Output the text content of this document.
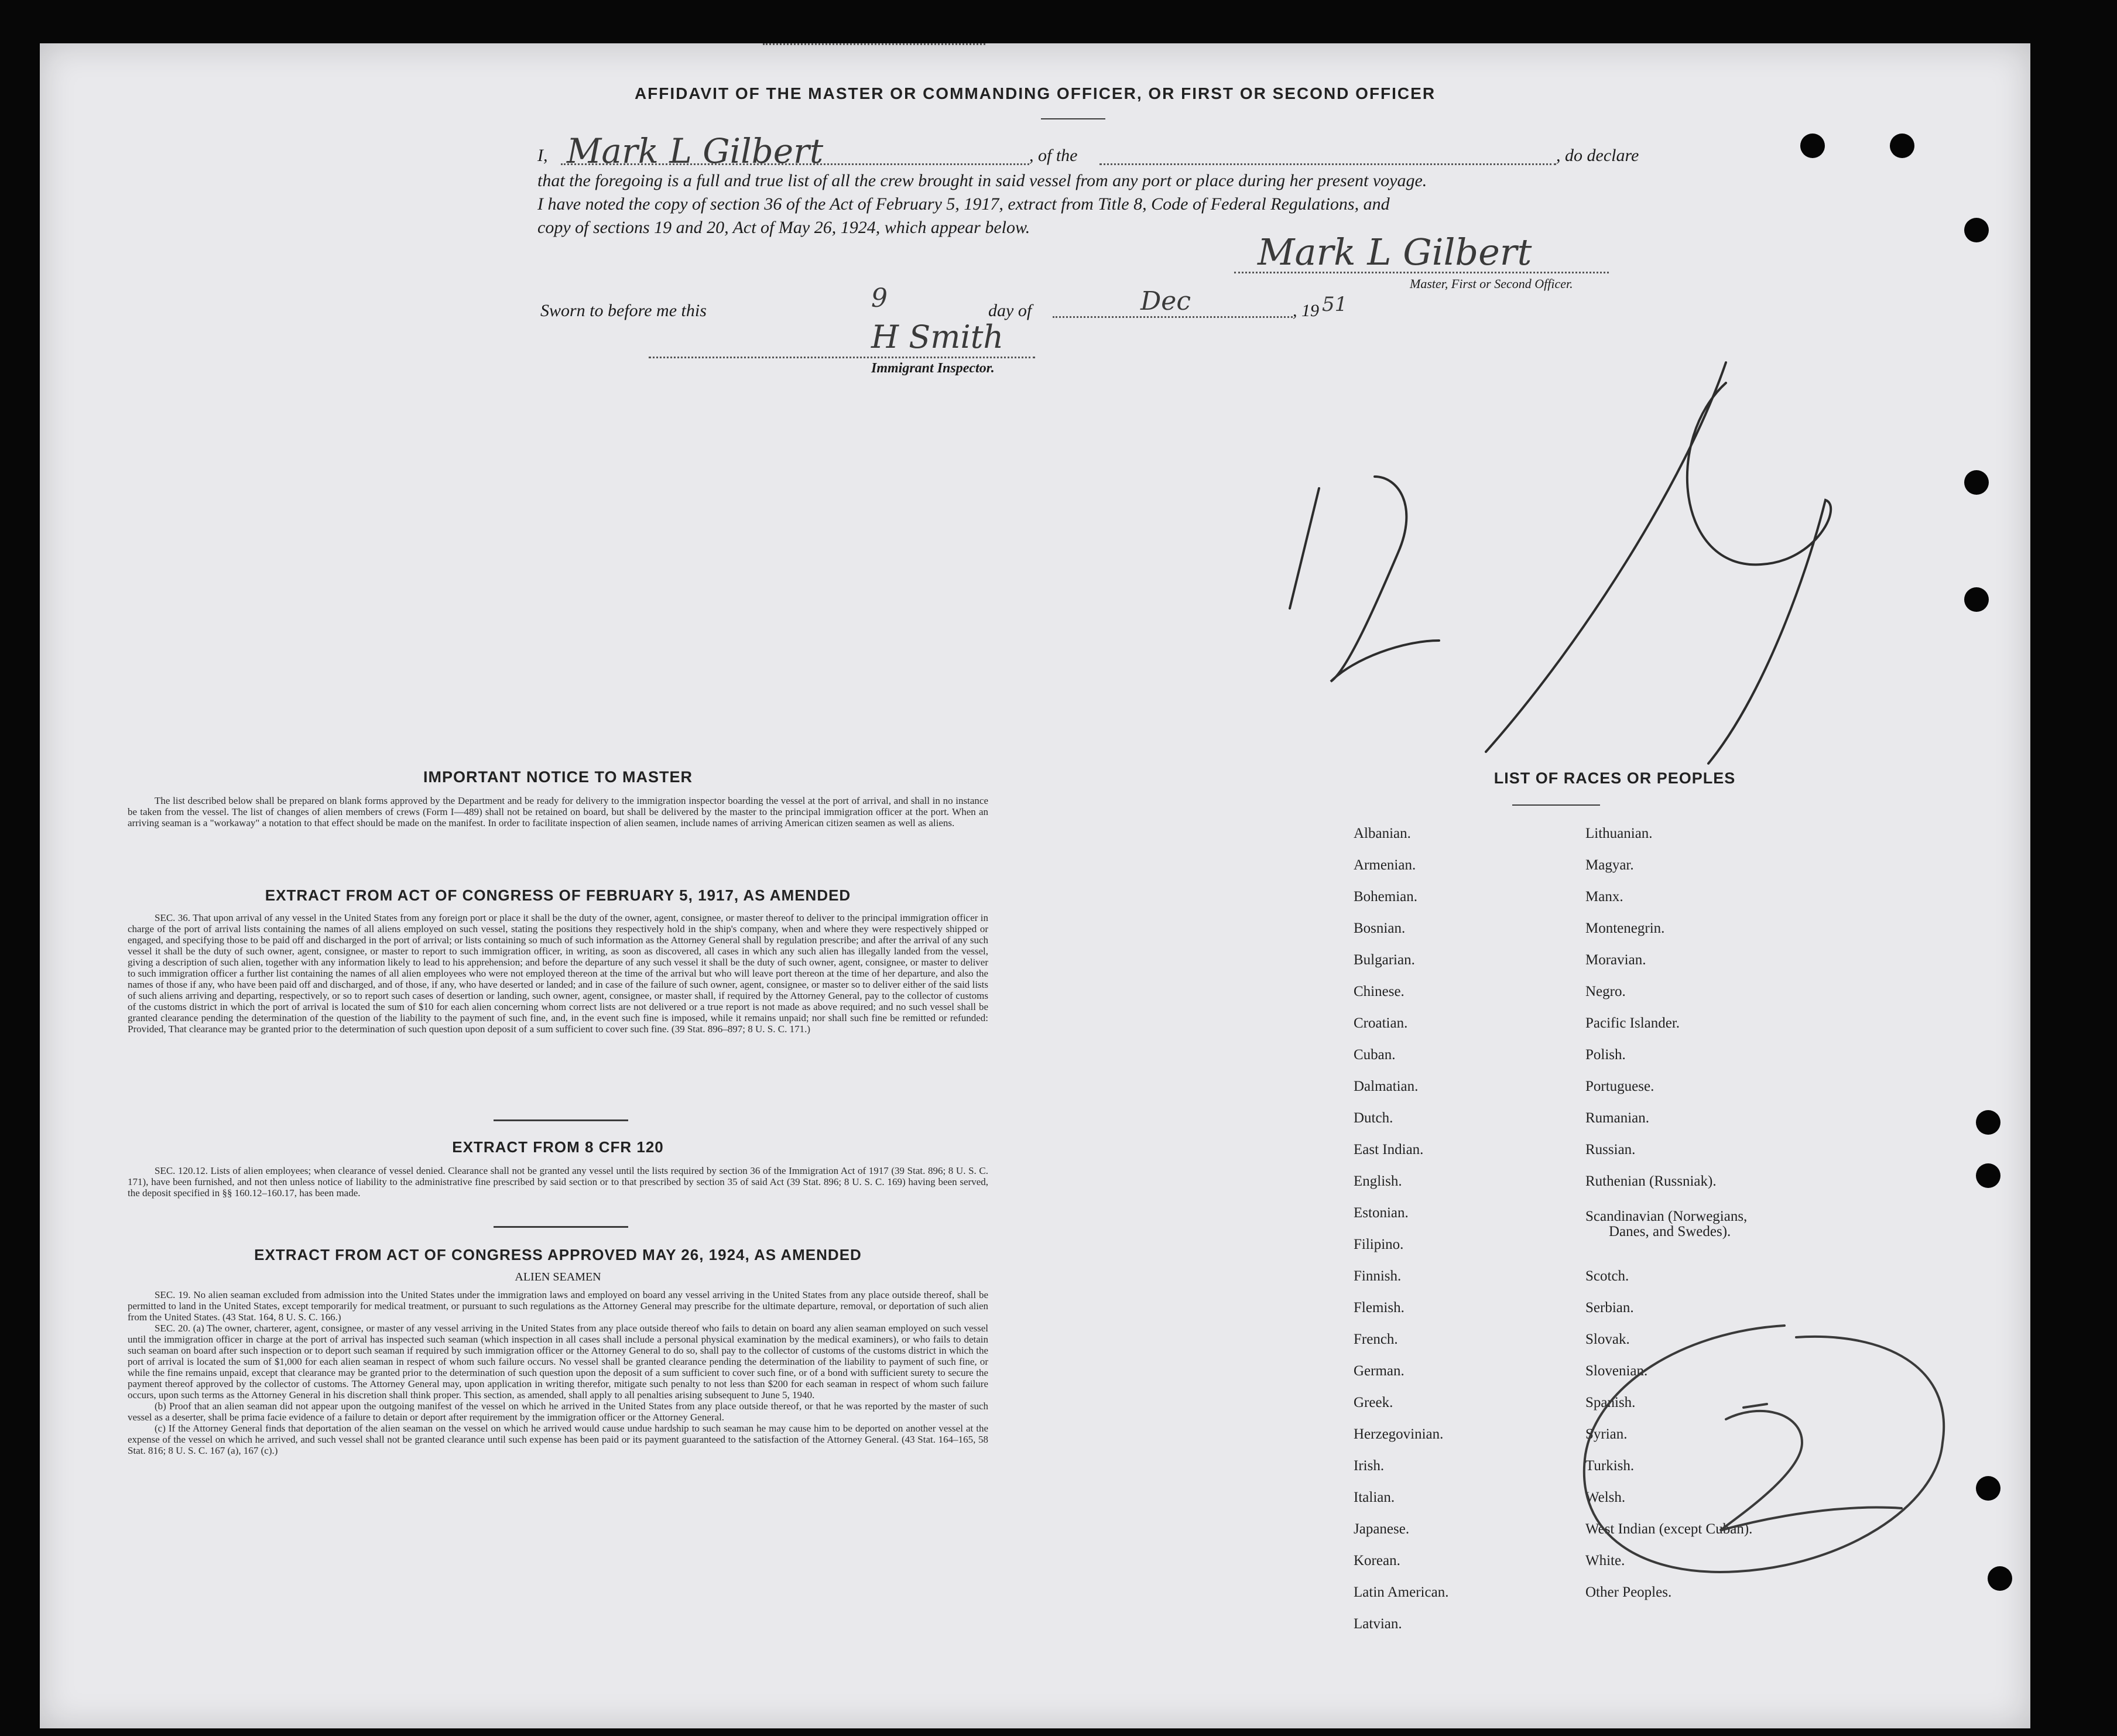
AFFIDAVIT OF THE MASTER OR COMMANDING OFFICER, OR FIRST OR SECOND OFFICER
I, Mark L Gilbert	, of the	, do declare
that the foregoing is a full and true list of all the crew brought in said vessel from any port or place during her present voyage.
I have noted the copy of section 36 of the Act of February 5, 1917, extract from Title 8, Code of Federal Regulations, and
copy of sections 19 and 20, Act of May 26, 1924, which appear below.
Mark L Gilbert
Master, First or Second Officer.
Sworn to before me this	9	day of	Dec	, 19 51
H Smith
Immigrant Inspector.
IMPORTANT NOTICE TO MASTER

The list described below shall be prepared on blank forms approved by the Department and be ready for delivery to the immigration inspector boarding the vessel at the port of arrival, and shall in no instance be taken from the vessel. The list of changes of alien members of crews (Form I—489) shall not be retained on board, but shall be delivered by the master to the principal immigration officer at the port. When an arriving seaman is a "workaway" a notation to that effect should be made on the manifest. In order to facilitate inspection of alien seamen, include names of arriving American citizen seamen as well as aliens.

EXTRACT FROM ACT OF CONGRESS OF FEBRUARY 5, 1917, AS AMENDED

SEC. 36. That upon arrival of any vessel in the United States from any foreign port or place it shall be the duty of the owner, agent, consignee, or master thereof to deliver to the principal immigration officer in charge of the port of arrival lists containing the names of all aliens employed on such vessel, stating the positions they respectively hold in the ship's company, when and where they were respectively shipped or engaged, and specifying those to be paid off and discharged in the port of arrival; or lists containing so much of such information as the Attorney General shall by regulation prescribe; and after the arrival of any such vessel it shall be the duty of such owner, agent, consignee, or master to report to such immigration officer, in writing, as soon as discovered, all cases in which any such alien has illegally landed from the vessel, giving a description of such alien, together with any information likely to lead to his apprehension; and before the departure of any such vessel it shall be the duty of such owner, agent, consignee, or master to deliver to such immigration officer a further list containing the names of all alien employees who were not employed thereon at the time of the arrival but who will leave port thereon at the time of her departure, and also the names of those if any, who have been paid off and discharged, and of those, if any, who have deserted or landed; and in case of the failure of such owner, agent, consignee, or master so to deliver either of the said lists of such aliens arriving and departing, respectively, or so to report such cases of desertion or landing, such owner, agent, consignee, or master shall, if required by the Attorney General, pay to the collector of customs of the customs district in which the port of arrival is located the sum of $10 for each alien concerning whom correct lists are not delivered or a true report is not made as above required; and no such vessel shall be granted clearance pending the determination of the question of the liability to the payment of such fine, and, in the event such fine is imposed, while it remains unpaid; nor shall such fine be remitted or refunded: Provided, That clearance may be granted prior to the determination of such question upon deposit of a sum sufficient to cover such fine. (39 Stat. 896–897; 8 U. S. C. 171.)

EXTRACT FROM 8 CFR 120

SEC. 120.12. Lists of alien employees; when clearance of vessel denied. Clearance shall not be granted any vessel until the lists required by section 36 of the Immigration Act of 1917 (39 Stat. 896; 8 U. S. C. 171), have been furnished, and not then unless notice of liability to the administrative fine prescribed by said section or to that prescribed by section 35 of said Act (39 Stat. 896; 8 U. S. C. 169) having been served, the deposit specified in §§ 160.12–160.17, has been made.

EXTRACT FROM ACT OF CONGRESS APPROVED MAY 26, 1924, AS AMENDED
ALIEN SEAMEN

SEC. 19. No alien seaman excluded from admission into the United States under the immigration laws and employed on board any vessel arriving in the United States from any place outside thereof, shall be permitted to land in the United States, except temporarily for medical treatment, or pursuant to such regulations as the Attorney General may prescribe for the ultimate departure, removal, or deportation of such alien from the United States. (43 Stat. 164, 8 U. S. C. 166.)

SEC. 20. (a) The owner, charterer, agent, consignee, or master of any vessel arriving in the United States from any place outside thereof who fails to detain on board any alien seaman employed on such vessel until the immigration officer in charge at the port of arrival has inspected such seaman (which inspection in all cases shall include a personal physical examination by the medical examiners), or who fails to detain such seaman on board after such inspection or to deport such seaman if required by such immigration officer or the Attorney General to do so, shall pay to the collector of customs of the customs district in which the port of arrival is located the sum of $1,000 for each alien seaman in respect of whom such failure occurs. No vessel shall be granted clearance pending the determination of the liability to payment of such fine, or while the fine remains unpaid, except that clearance may be granted prior to the determination of such question upon the deposit of a sum sufficient to cover such fine, or of a bond with sufficient surety to secure the payment thereof approved by the collector of customs. The Attorney General may, upon application in writing therefor, mitigate such penalty to not less than $200 for each seaman in respect of whom such failure occurs, upon such terms as the Attorney General in his discretion shall think proper. This section, as amended, shall apply to all penalties arising subsequent to June 5, 1940.

(b) Proof that an alien seaman did not appear upon the outgoing manifest of the vessel on which he arrived in the United States from any place outside thereof, or that he was reported by the master of such vessel as a deserter, shall be prima facie evidence of a failure to detain or deport after requirement by the immigration officer or the Attorney General.

(c) If the Attorney General finds that deportation of the alien seaman on the vessel on which he arrived would cause undue hardship to such seaman he may cause him to be deported on another vessel at the expense of the vessel on which he arrived, and such vessel shall not be granted clearance until such expense has been paid or its payment guaranteed to the satisfaction of the Attorney General. (43 Stat. 164–165, 58 Stat. 816; 8 U. S. C. 167 (a), 167 (c).)

LIST OF RACES OR PEOPLES
Albanian.
Armenian.
Bohemian.
Bosnian.
Bulgarian.
Chinese.
Croatian.
Cuban.
Dalmatian.
Dutch.
East Indian.
English.
Estonian.
Filipino.
Finnish.
Flemish.
French.
German.
Greek.
Herzegovinian.
Irish.
Italian.
Japanese.
Korean.
Latin American.
Latvian.
Lithuanian.
Magyar.
Manx.
Montenegrin.
Moravian.
Negro.
Pacific Islander.
Polish.
Portuguese.
Rumanian.
Russian.
Ruthenian (Russniak).
Scandinavian (Norwegians,
Danes, and Swedes).
Scotch.
Serbian.
Slovak.
Slovenian.
Spanish.
Syrian.
Turkish.
Welsh.
West Indian (except Cuban).
White.
Other Peoples.
